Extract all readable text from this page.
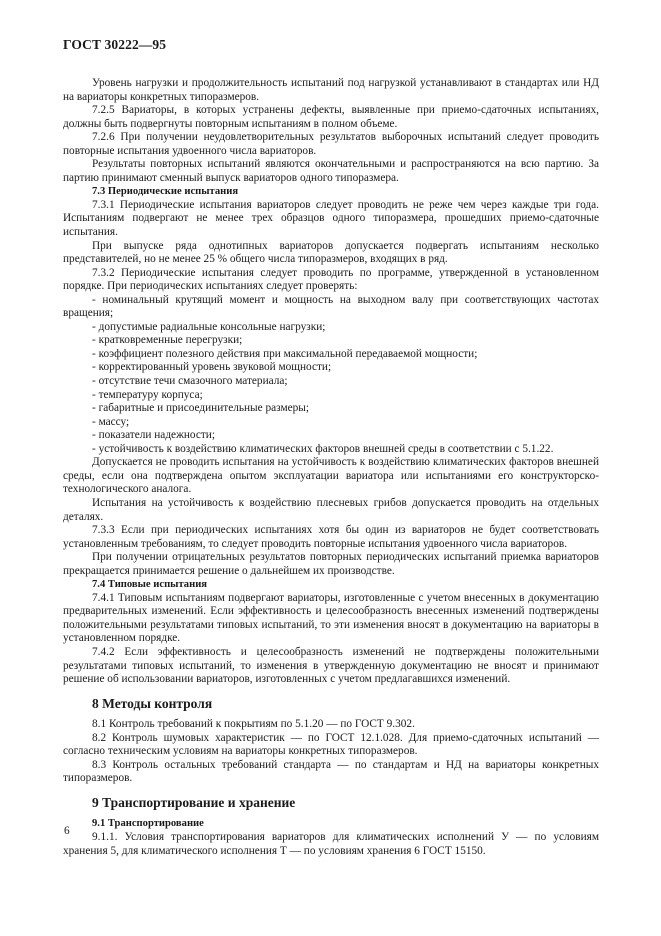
ГОСТ 30222—95

Уровень нагрузки и продолжительность испытаний под нагрузкой устанавливают в стандартах или НД на вариаторы конкретных типоразмеров.

7.2.5 Вариаторы, в которых устранены дефекты, выявленные при приемо-сдаточных испытаниях, должны быть подвергнуты повторным испытаниям в полном объеме.

7.2.6 При получении неудовлетворительных результатов выборочных испытаний следует проводить повторные испытания удвоенного числа вариаторов.

Результаты повторных испытаний являются окончательными и распространяются на всю партию. За партию принимают сменный выпуск вариаторов одного типоразмера.

7.3 Периодические испытания

7.3.1 Периодические испытания вариаторов следует проводить не реже чем через каждые три года. Испытаниям подвергают не менее трех образцов одного типоразмера, прошедших приемо-сдаточные испытания.

При выпуске ряда однотипных вариаторов допускается подвергать испытаниям несколько представителей, но не менее 25 % общего числа типоразмеров, входящих в ряд.

7.3.2 Периодические испытания следует проводить по программе, утвержденной в установленном порядке. При периодических испытаниях следует проверять:

- номинальный крутящий момент и мощность на выходном валу при соответствующих частотах вращения;

- допустимые радиальные консольные нагрузки;

- кратковременные перегрузки;

- коэффициент полезного действия при максимальной передаваемой мощности;

- корректированный уровень звуковой мощности;

- отсутствие течи смазочного материала;

- температуру корпуса;

- габаритные и присоединительные размеры;

- массу;

- показатели надежности;

- устойчивость к воздействию климатических факторов внешней среды в соответствии с 5.1.22.

Допускается не проводить испытания на устойчивость к воздействию климатических факторов внешней среды, если она подтверждена опытом эксплуатации вариатора или испытаниями его конструкторско-технологического аналога.

Испытания на устойчивость к воздействию плесневых грибов допускается проводить на отдельных деталях.

7.3.3 Если при периодических испытаниях хотя бы один из вариаторов не будет соответствовать установленным требованиям, то следует проводить повторные испытания удвоенного числа вариаторов.

При получении отрицательных результатов повторных периодических испытаний приемка вариаторов прекращается принимается решение о дальнейшем их производстве.

7.4 Типовые испытания

7.4.1 Типовым испытаниям подвергают вариаторы, изготовленные с учетом внесенных в документацию предварительных изменений. Если эффективность и целесообразность внесенных изменений подтверждены положительными результатами типовых испытаний, то эти изменения вносят в документацию на вариаторы в установленном порядке.

7.4.2 Если эффективность и целесообразность изменений не подтверждены положительными результатами типовых испытаний, то изменения в утвержденную документацию не вносят и принимают решение об использовании вариаторов, изготовленных с учетом предлагавшихся изменений.

8 Методы контроля

8.1 Контроль требований к покрытиям по 5.1.20 — по ГОСТ 9.302.

8.2 Контроль шумовых характеристик — по ГОСТ 12.1.028. Для приемо-сдаточных испытаний — согласно техническим условиям на вариаторы конкретных типоразмеров.

8.3 Контроль остальных требований стандарта — по стандартам и НД на вариаторы конкретных типоразмеров.

9 Транспортирование и хранение
9.1 Транспортирование

9.1.1. Условия транспортирования вариаторов для климатических исполнений У — по условиям хранения 5, для климатического исполнения Т — по условиям хранения 6 ГОСТ 15150.

6
